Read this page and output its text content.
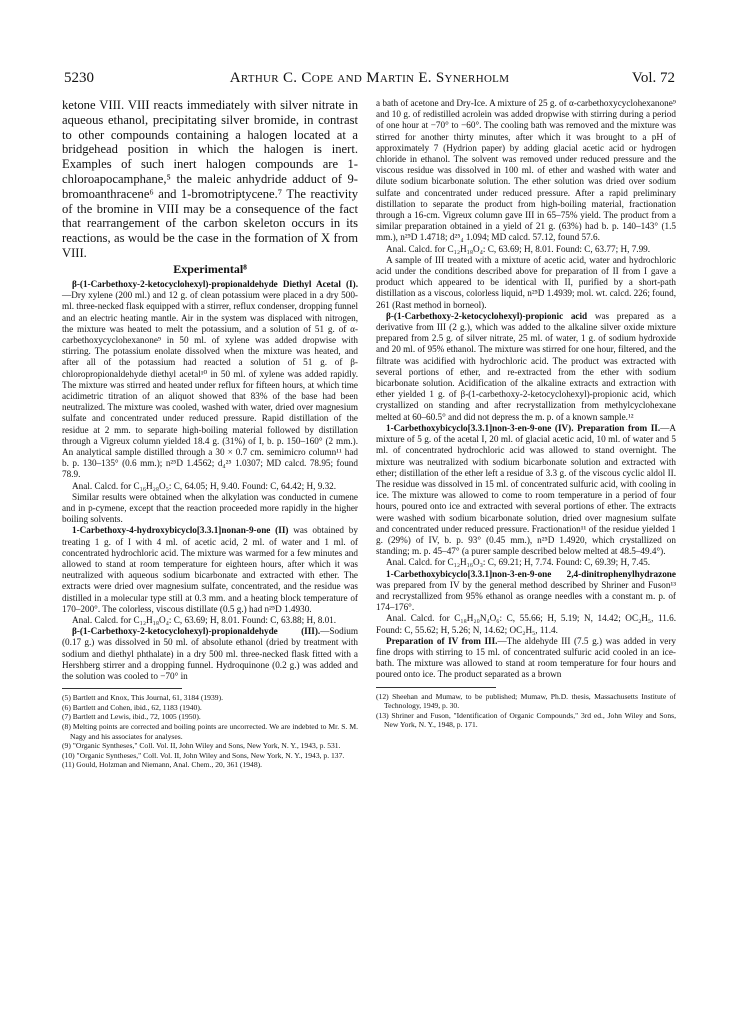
5230	Arthur C. Cope and Martin E. Synerholm	Vol. 72

ketone VIII. VIII reacts immediately with silver nitrate in aqueous ethanol, precipitating silver bromide, in contrast to other compounds containing a halogen located at a bridgehead position in which the halogen is inert. Examples of such inert halogen compounds are 1-chloroapocamphane,⁵ the maleic anhydride adduct of 9-bromoanthracene⁶ and 1-bromotriptycene.⁷ The reactivity of the bromine in VIII may be a consequence of the fact that rearrangement of the carbon skeleton occurs in its reactions, as would be the case in the formation of X from VIII.

Experimental⁸

β-(1-Carbethoxy-2-ketocyclohexyl)-propionaldehyde Diethyl Acetal (I).—Dry xylene (200 ml.) and 12 g. of clean potassium were placed in a dry 500-ml. three-necked flask equipped with a stirrer, reflux condenser, dropping funnel and an electric heating mantle. Air in the system was displaced with nitrogen, the mixture was heated to melt the potassium, and a solution of 51 g. of α-carbethoxycyclohexanone⁹ in 50 ml. of xylene was added dropwise with stirring. The potassium enolate dissolved when the mixture was heated, and after all of the potassium had reacted a solution of 51 g. of β-chloropropionaldehyde diethyl acetal¹⁰ in 50 ml. of xylene was added rapidly. The mixture was stirred and heated under reflux for fifteen hours, at which time acidimetric titration of an aliquot showed that 83% of the base had been neutralized. The mixture was cooled, washed with water, dried over magnesium sulfate and concentrated under reduced pressure. Rapid distillation of the residue at 2 mm. to separate high-boiling material followed by distillation through a Vigreux column yielded 18.4 g. (31%) of I, b. p. 150–160° (2 mm.). An analytical sample distilled through a 30 × 0.7 cm. semimicro column¹¹ had b. p. 130–135° (0.6 mm.); n²⁵D 1.4562; d₄²⁵ 1.0307; MD calcd. 78.95; found 78.9.

Anal. Calcd. for C₁₆H₂₈O₅: C, 64.05; H, 9.40. Found: C, 64.42; H, 9.32.

Similar results were obtained when the alkylation was conducted in cumene and in p-cymene, except that the reaction proceeded more rapidly in the higher boiling solvents.

1-Carbethoxy-4-hydroxybicyclo[3.3.1]nonan-9-one (II) was obtained by treating 1 g. of I with 4 ml. of acetic acid, 2 ml. of water and 1 ml. of concentrated hydrochloric acid. The mixture was warmed for a few minutes and allowed to stand at room temperature for eighteen hours, after which it was neutralized with aqueous sodium bicarbonate and extracted with ether. The extracts were dried over magnesium sulfate, concentrated, and the residue was distilled in a molecular type still at 0.3 mm. and a heating block temperature of 170–200°. The colorless, viscous distillate (0.5 g.) had n²⁵D 1.4930.

Anal. Calcd. for C₁₂H₁₈O₄: C, 63.69; H, 8.01. Found: C, 63.88; H, 8.01.

β-(1-Carbethoxy-2-ketocyclohexyl)-propionaldehyde (III).—Sodium (0.17 g.) was dissolved in 50 ml. of absolute ethanol (dried by treatment with sodium and diethyl phthalate) in a dry 500 ml. three-necked flask fitted with a Hershberg stirrer and a dropping funnel. Hydroquinone (0.2 g.) was added and the solution was cooled to −70° in

(5) Bartlett and Knox, This Journal, 61, 3184 (1939).

(6) Bartlett and Cohen, ibid., 62, 1183 (1940).

(7) Bartlett and Lewis, ibid., 72, 1005 (1950).

(8) Melting points are corrected and boiling points are uncorrected. We are indebted to Mr. S. M. Nagy and his associates for analyses.

(9) "Organic Syntheses," Coll. Vol. II, John Wiley and Sons, New York, N. Y., 1943, p. 531.

(10) "Organic Syntheses," Coll. Vol. II, John Wiley and Sons, New York, N. Y., 1943, p. 137.

(11) Gould, Holzman and Niemann, Anal. Chem., 20, 361 (1948).

a bath of acetone and Dry-Ice. A mixture of 25 g. of α-carbethoxycyclohexanone⁹ and 10 g. of redistilled acrolein was added dropwise with stirring during a period of one hour at −70° to −60°. The cooling bath was removed and the mixture was stirred for another thirty minutes, after which it was brought to a pH of approximately 7 (Hydrion paper) by adding glacial acetic acid or hydrogen chloride in ethanol. The solvent was removed under reduced pressure and the viscous residue was dissolved in 100 ml. of ether and washed with water and dilute sodium bicarbonate solution. The ether solution was dried over sodium sulfate and concentrated under reduced pressure. After a rapid preliminary distillation to separate the product from high-boiling material, fractionation through a 16-cm. Vigreux column gave III in 65–75% yield. The product from a similar preparation obtained in a yield of 21 g. (63%) had b. p. 140–143° (1.5 mm.), n²⁵D 1.4718; d²⁵₄ 1.094; MD calcd. 57.12, found 57.6.

Anal. Calcd. for C₁₂H₁₈O₄: C, 63.69; H, 8.01. Found: C, 63.77; H, 7.99.

A sample of III treated with a mixture of acetic acid, water and hydrochloric acid under the conditions described above for preparation of II from I gave a product which appeared to be identical with II, purified by a short-path distillation as a viscous, colorless liquid, n²⁵D 1.4939; mol. wt. calcd. 226; found, 261 (Rast method in borneol).

β-(1-Carbethoxy-2-ketocyclohexyl)-propionic acid was prepared as a derivative from III (2 g.), which was added to the alkaline silver oxide mixture prepared from 2.5 g. of silver nitrate, 25 ml. of water, 1 g. of sodium hydroxide and 20 ml. of 95% ethanol. The mixture was stirred for one hour, filtered, and the filtrate was acidified with hydrochloric acid. The product was extracted with several portions of ether, and re-extracted from the ether with sodium bicarbonate solution. Acidification of the alkaline extracts and extraction with ether yielded 1 g. of β-(1-carbethoxy-2-ketocyclohexyl)-propionic acid, which crystallized on standing and after recrystallization from methylcyclohexane melted at 60–60.5° and did not depress the m. p. of a known sample.¹²

1-Carbethoxybicyclo[3.3.1]non-3-en-9-one (IV). Preparation from II.—A mixture of 5 g. of the acetal I, 20 ml. of glacial acetic acid, 10 ml. of water and 5 ml. of concentrated hydrochloric acid was allowed to stand overnight. The mixture was neutralized with sodium bicarbonate solution and extracted with ether; distillation of the ether left a residue of 3.3 g. of the viscous cyclic aldol II. The residue was dissolved in 15 ml. of concentrated sulfuric acid, with cooling in ice. The mixture was allowed to come to room temperature in a period of four hours, poured onto ice and extracted with several portions of ether. The extracts were washed with sodium bicarbonate solution, dried over magnesium sulfate and concentrated under reduced pressure. Fractionation¹¹ of the residue yielded 1 g. (29%) of IV, b. p. 93° (0.45 mm.), n²⁵D 1.4920, which crystallized on standing; m. p. 45–47° (a purer sample described below melted at 48.5–49.4°).

Anal. Calcd. for C₁₂H₁₆O₃: C, 69.21; H, 7.74. Found: C, 69.39; H, 7.45.

1-Carbethoxybicyclo[3.3.1]non-3-en-9-one 2,4-dinitrophenylhydrazone was prepared from IV by the general method described by Shriner and Fuson¹³ and recrystallized from 95% ethanol as orange needles with a constant m. p. of 174–176°.

Anal. Calcd. for C₁₈H₂₀N₄O₆: C, 55.66; H, 5.19; N, 14.42; OC₂H₅, 11.6. Found: C, 55.62; H, 5.26; N, 14.62; OC₂H₅, 11.4.

Preparation of IV from III.—The aldehyde III (7.5 g.) was added in very fine drops with stirring to 15 ml. of concentrated sulfuric acid cooled in an ice-bath. The mixture was allowed to stand at room temperature for four hours and poured onto ice. The product separated as a brown

(12) Sheehan and Mumaw, to be published; Mumaw, Ph.D. thesis, Massachusetts Institute of Technology, 1949, p. 30.

(13) Shriner and Fuson, "Identification of Organic Compounds," 3rd ed., John Wiley and Sons, New York, N. Y., 1948, p. 171.
